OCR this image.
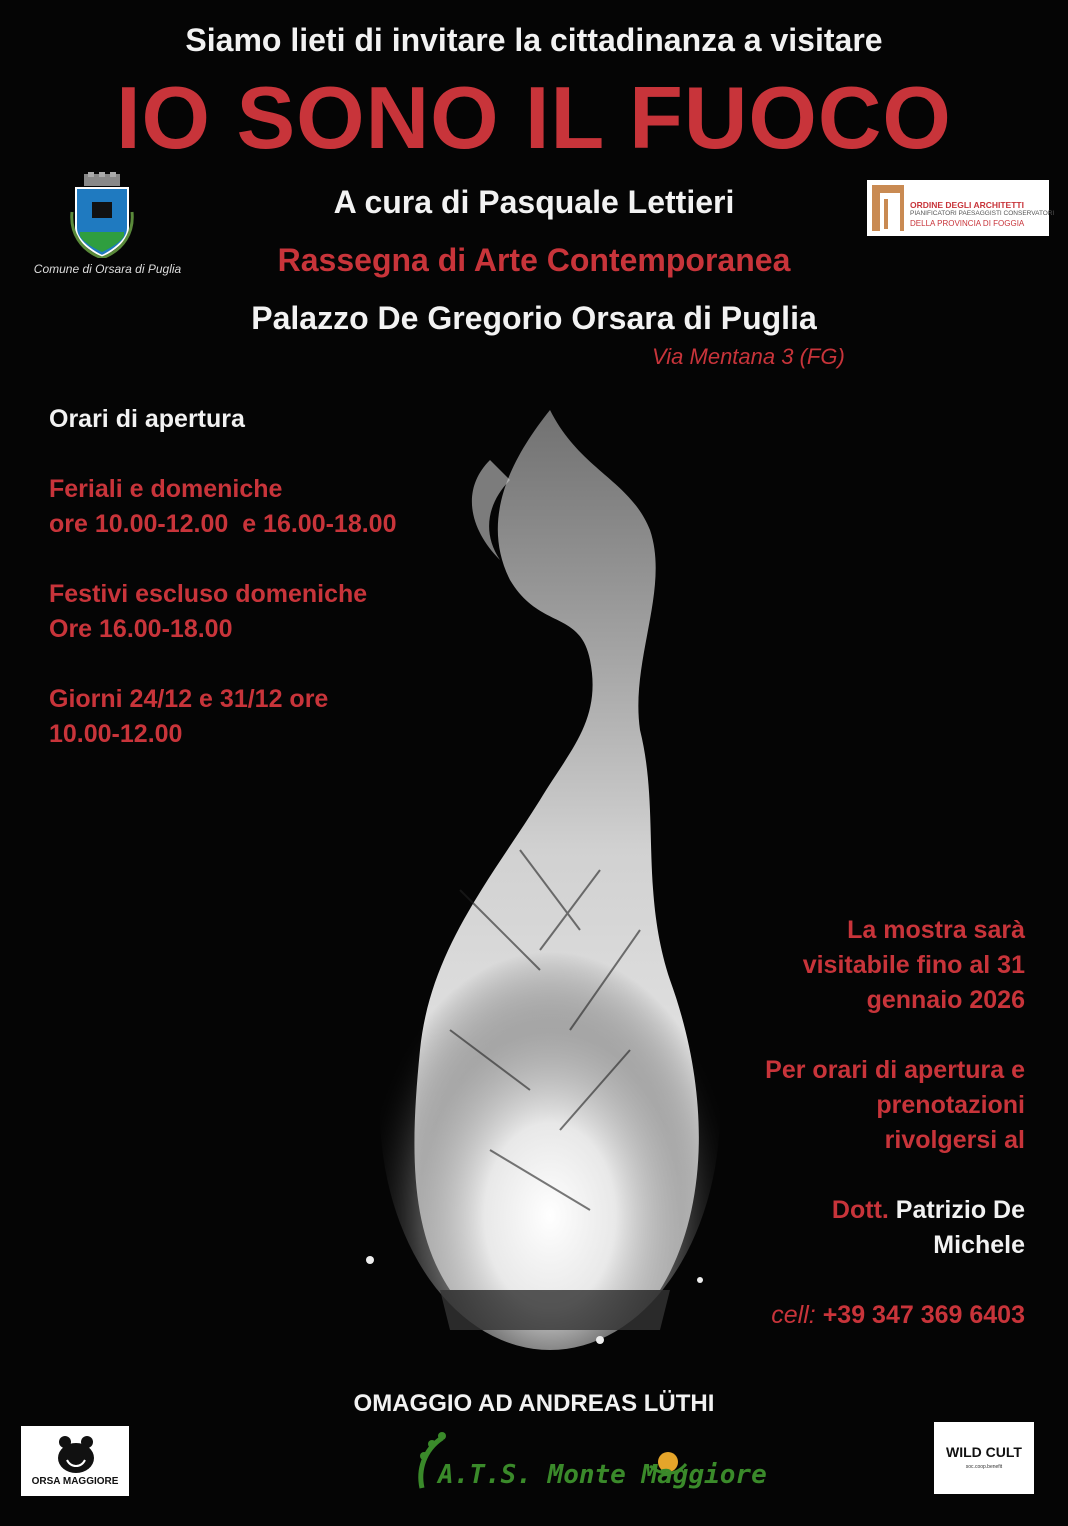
Siamo lieti di invitare la cittadinanza a visitare
IO SONO IL FUOCO
A cura di Pasquale Lettieri
Rassegna di Arte Contemporanea
Palazzo De Gregorio Orsara di Puglia
Via Mentana 3 (FG)
Comune di Orsara di Puglia
ORDINE DEGLI ARCHITETTI
PIANIFICATORI PAESAGGISTI CONSERVATORI
DELLA PROVINCIA DI FOGGIA
Orari di apertura
Feriali e domeniche
ore 10.00-12.00  e 16.00-18.00
Festivi escluso domeniche
Ore 16.00-18.00
Giorni 24/12 e 31/12 ore
10.00-12.00
La mostra sarà
visitabile fino al 31
gennaio 2026
Per orari di apertura e
prenotazioni
rivolgersi al
Dott. Patrizio De
Michele
cell: +39 347 369 6403
OMAGGIO AD ANDREAS LÜTHI
ORSA MAGGIORE	A.T.S. Monte Maggiore
WILD CULT
soc.coop.benefit
